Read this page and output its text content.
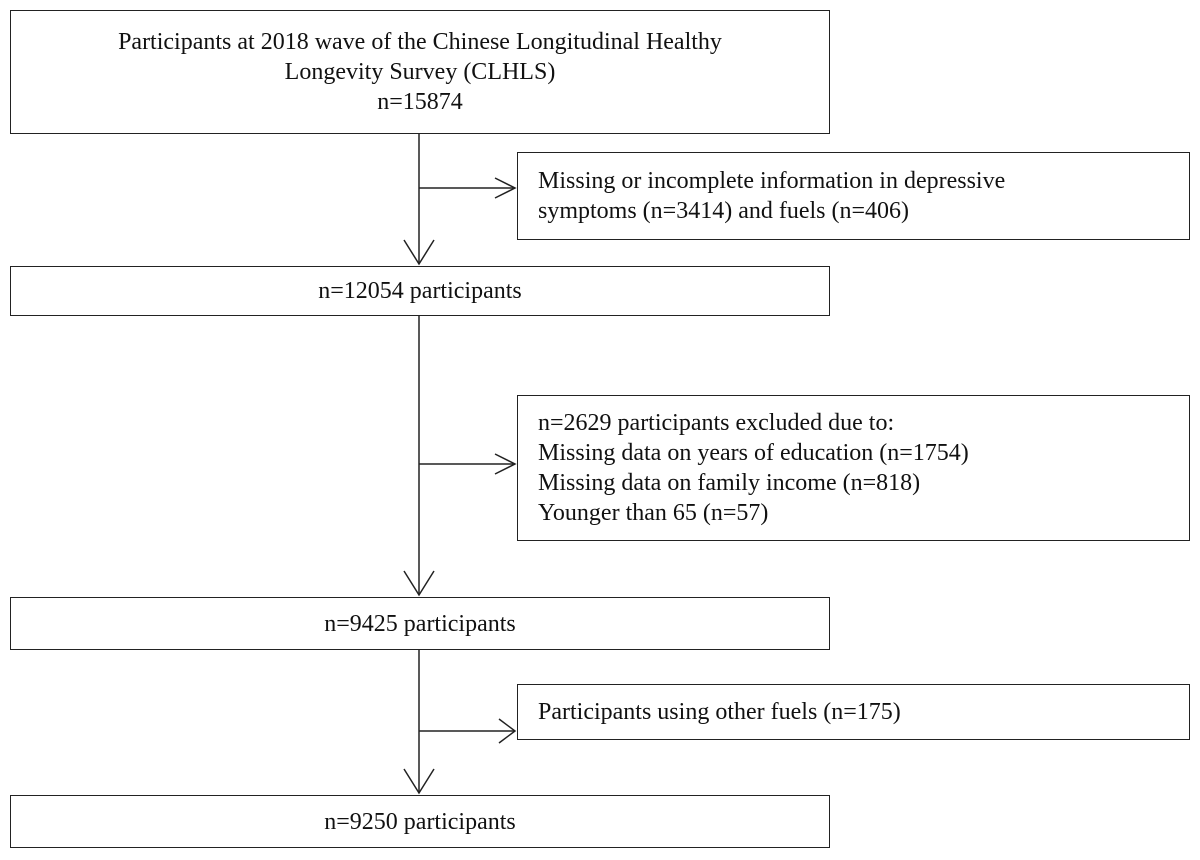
Participants at 2018 wave of the Chinese Longitudinal Healthy
Longevity Survey (CLHLS)
n=15874
Missing or incomplete information in depressive
symptoms (n=3414) and fuels (n=406)
n=12054 participants
n=2629 participants excluded due to:
Missing data on years of education (n=1754)
Missing data on family income (n=818)
Younger than 65 (n=57)
n=9425 participants
Participants using other fuels (n=175)
n=9250 participants
